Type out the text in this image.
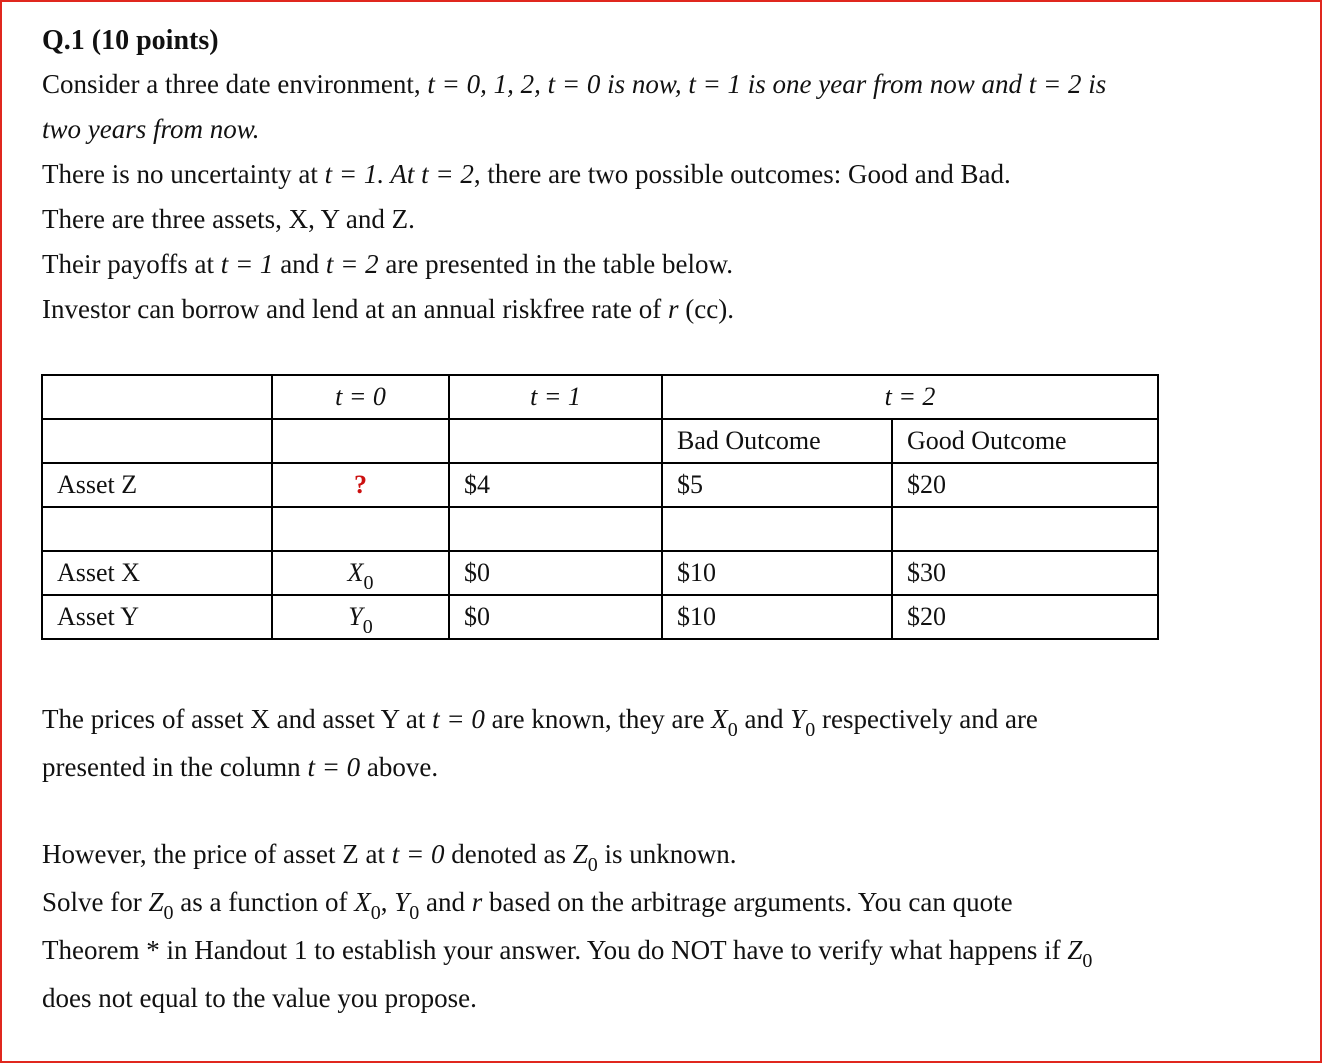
Q.1 (10 points)
Consider a three date environment, t = 0, 1, 2, t = 0 is now, t = 1 is one year from now and t = 2 is
two years from now.
There is no uncertainty at t = 1. At t = 2, there are two possible outcomes: Good and Bad.
There are three assets, X, Y and Z.
Their payoffs at t = 1 and t = 2 are presented in the table below.
Investor can borrow and lend at an annual riskfree rate of r (cc).
	t = 0	t = 1	t = 2	
			Bad Outcome	Good Outcome
Asset Z	?	$4	$5	$20

Asset X	$X_0$	$0	$10	$30
Asset Y	$Y_0$	$0	$10	$20
The prices of asset X and asset Y at t = 0 are known, they are $X_0$ and $Y_0$ respectively and are
presented in the column t = 0 above.
However, the price of asset Z at t = 0 denoted as $Z_0$ is unknown.
Solve for $Z_0$ as a function of $X_0$, $Y_0$ and r based on the arbitrage arguments. You can quote
Theorem * in Handout 1 to establish your answer. You do NOT have to verify what happens if $Z_0$
does not equal to the value you propose.
